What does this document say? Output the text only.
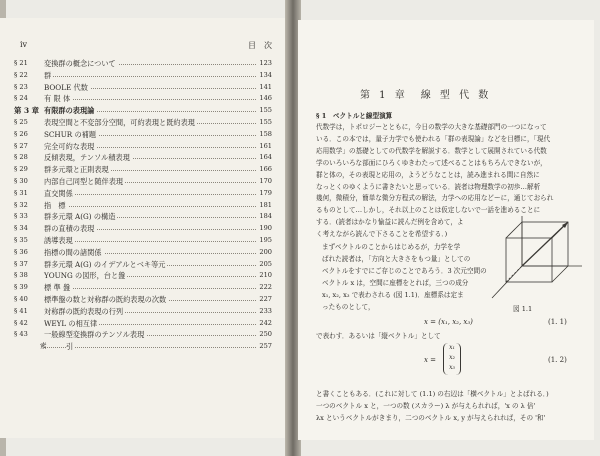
iv	目　次
§ 21	変換群の概念について	123
§ 22	群	134
§ 23	BOOLE 代数	141
§ 24	有 限 体	146
第 3 章 有限群の表現論	155
§ 25	表現空間と不変部分空間，可約表現と既約表現	155
§ 26	SCHUR の補題	158
§ 27	完全可約な表現	161
§ 28	反傾表現，テンソル積表現	164
§ 29	群多元環と正則表現	166
§ 30	内部自己同型と随伴表現	170
§ 31	直交関係	179
§ 32	指　標	181
§ 33	群多元環 A(G) の構造	184
§ 34	群の直積の表現	190
§ 35	誘導表現	195
§ 36	指標の間の諸関係	200
§ 37	群多元環 A(G) のイデアルとベキ等元	205
§ 38	YOUNG の図形，台と盤	210
§ 39	標 準 盤	222
§ 40	標準盤の数と対称群の既約表現の次数	227
§ 41	対称群の既約表現の行列	233
§ 42	WEYL の相互律	242
§ 43	一般線型変換群のテンソル表現	250
索	引	257
第 1 章　線 型 代 数
§ 1　ベクトルと線型演算
代数学は，トポロジーとともに，今日の数学の大きな基礎部門の一つになって
いる．この本では，量子力学でも使われる「群の表現論」などを目標に，「現代
応用数学」の基礎としての代数学を解説する．数学として展開されている代数
学のいろいろな部面にひろくゆきわたって述べることはもちろんできないが，
群と体の，その表現と応用の，ようどうなことは，読み進まれる間に自然に
なっとくのゆくように書きたいと思っている．読者は物理数学の初歩…解析
幾何，微積分，簡単な微分方程式の解法，力学への応用などーに，通じておられ
るものとして…しかし，それ以上のことは仮定しないで一話を進めることに
する．(読者はかなり愉益に読んだ例を含めて，よ
く考えながら読んで下さることを希望する．)
まずベクトルのことからはじめるが，力学を学
ばれた読者は，「方向と大きさをもつ量」としての
ベクトルをすでにご存じのことであろう．3 次元空間の
ベクトル x は，空間に座標をとれば，三つの成分
x₁, x₂, x₃ で表わされる (図 1.1)．座標系は定ま
ったものとして，	図 1.1
x = (x₁, x₂, x₃)	(1. 1)
で表わす．あるいは「縦ベクトル」として
x =
x₁
x₂
x₃
(1. 2)
と書くこともある．(これに対して (1.1) の右辺は「横ベクトル」とよばれる．)
一つのベクトル x と，一つの数 (スカラー) λ が与えられれば，'x の λ 倍'
λx というベクトルがきまり，二つのベクトル x, y が与えられれば，その '和'
